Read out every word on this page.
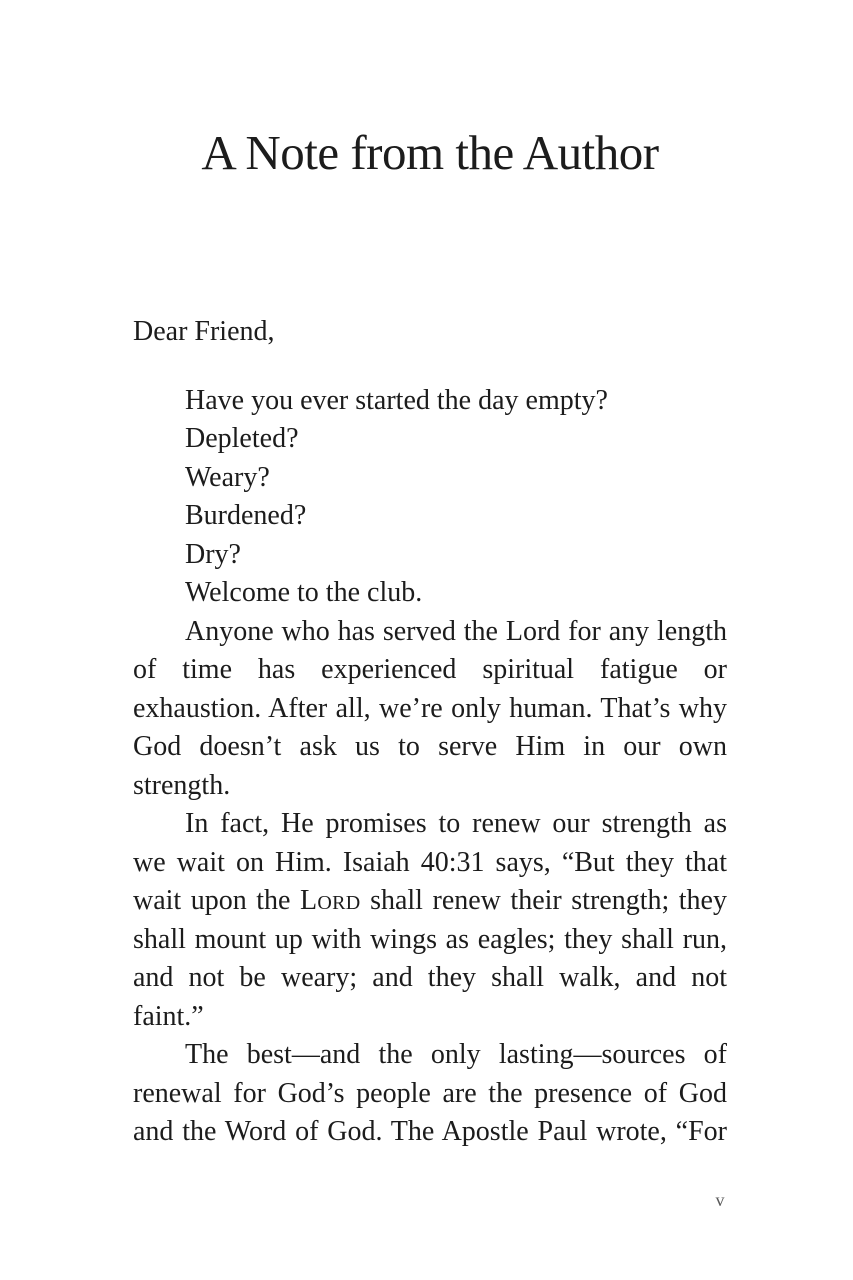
A Note from the Author

Dear Friend,

Have you ever started the day empty?

Depleted?

Weary?

Burdened?

Dry?

Welcome to the club.

Anyone who has served the Lord for any length of time has experienced spiritual fatigue or exhaustion. After all, we’re only human. That’s why God doesn’t ask us to serve Him in our own strength.

In fact, He promises to renew our strength as we wait on Him. Isaiah 40:31 says, “But they that wait upon the Lord shall renew their strength; they shall mount up with wings as eagles; they shall run, and not be weary; and they shall walk, and not faint.”

The best—and the only lasting—sources of renewal for God’s people are the presence of God and the Word of God. The Apostle Paul wrote, “For

v
